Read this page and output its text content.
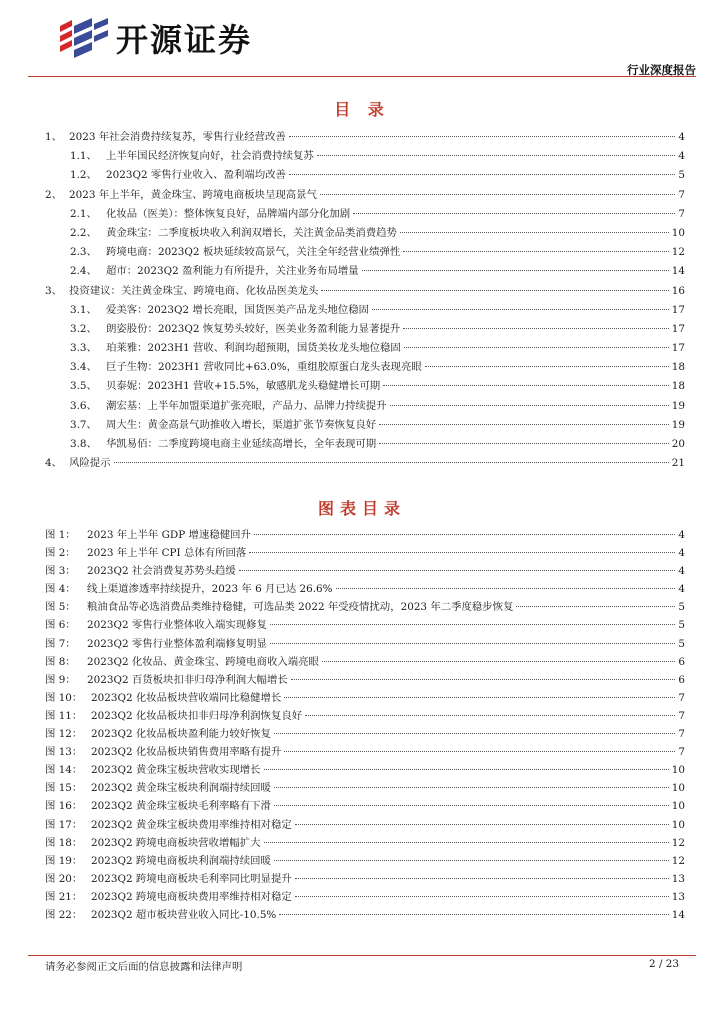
开源证券
行业深度报告
目 录
1、 2023 年社会消费持续复苏，零售行业经营改善	4
1.1、 上半年国民经济恢复向好，社会消费持续复苏	4
1.2、 2023Q2 零售行业收入、盈利端均改善	5
2、 2023 年上半年，黄金珠宝、跨境电商板块呈现高景气	7
2.1、 化妆品（医美）：整体恢复良好，品牌端内部分化加剧	7
2.2、 黄金珠宝：二季度板块收入利润双增长，关注黄金品类消费趋势	10
2.3、 跨境电商：2023Q2 板块延续较高景气，关注全年经营业绩弹性	12
2.4、 超市：2023Q2 盈利能力有所提升，关注业务布局增量	14
3、 投资建议：关注黄金珠宝、跨境电商、化妆品医美龙头	16
3.1、 爱美客：2023Q2 增长亮眼，国货医美产品龙头地位稳固	17
3.2、 朗姿股份：2023Q2 恢复势头较好，医美业务盈利能力显著提升	17
3.3、 珀莱雅：2023H1 营收、利润均超预期，国货美妆龙头地位稳固	17
3.4、 巨子生物：2023H1 营收同比+63.0%，重组胶原蛋白龙头表现亮眼	18
3.5、 贝泰妮：2023H1 营收+15.5%，敏感肌龙头稳健增长可期	18
3.6、 潮宏基：上半年加盟渠道扩张亮眼，产品力、品牌力持续提升	19
3.7、 周大生：黄金高景气助推收入增长，渠道扩张节奏恢复良好	19
3.8、 华凯易佰：二季度跨境电商主业延续高增长，全年表现可期	20
4、 风险提示	21
图表目录
图 1：	2023 年上半年 GDP 增速稳健回升	4
图 2：	2023 年上半年 CPI 总体有所回落	4
图 3：	2023Q2 社会消费复苏势头趋缓	4
图 4：	线上渠道渗透率持续提升，2023 年 6 月已达 26.6%	4
图 5：	粮油食品等必选消费品类维持稳健，可选品类 2022 年受疫情扰动，2023 年二季度稳步恢复	5
图 6：	2023Q2 零售行业整体收入端实现修复	5
图 7：	2023Q2 零售行业整体盈利端修复明显	5
图 8：	2023Q2 化妆品、黄金珠宝、跨境电商收入端亮眼	6
图 9：	2023Q2 百货板块扣非归母净利润大幅增长	6
图 10： 2023Q2 化妆品板块营收端同比稳健增长	7
图 11： 2023Q2 化妆品板块扣非归母净利润恢复良好	7
图 12： 2023Q2 化妆品板块盈利能力较好恢复	7
图 13： 2023Q2 化妆品板块销售费用率略有提升	7
图 14： 2023Q2 黄金珠宝板块营收实现增长	10
图 15： 2023Q2 黄金珠宝板块利润端持续回暖	10
图 16： 2023Q2 黄金珠宝板块毛利率略有下滑	10
图 17： 2023Q2 黄金珠宝板块费用率维持相对稳定	10
图 18： 2023Q2 跨境电商板块营收增幅扩大	12
图 19： 2023Q2 跨境电商板块利润端持续回暖	12
图 20： 2023Q2 跨境电商板块毛利率同比明显提升	13
图 21： 2023Q2 跨境电商板块费用率维持相对稳定	13
图 22： 2023Q2 超市板块营业收入同比-10.5%	14
请务必参阅正文后面的信息披露和法律声明	2 / 23
